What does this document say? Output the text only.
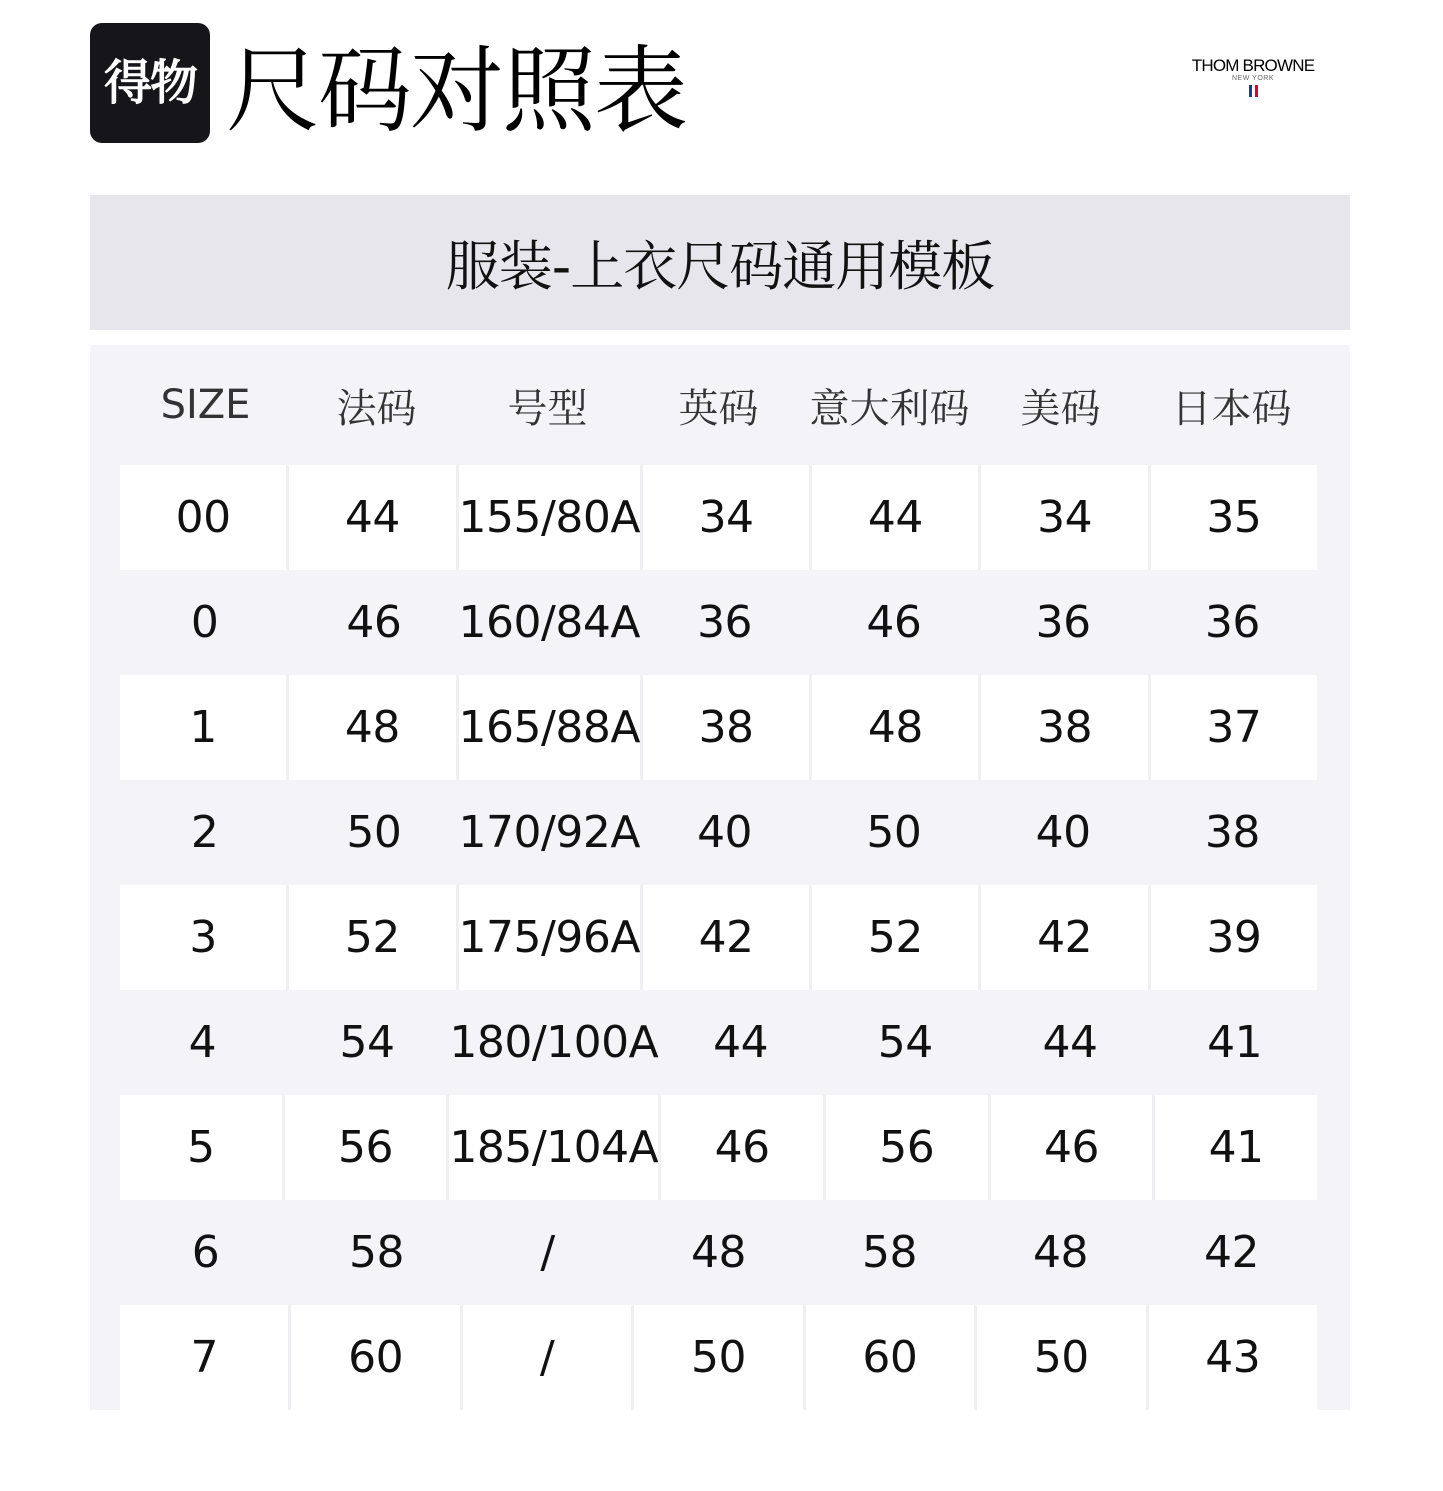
得物 尺码对照表	THOM BROWNE
NEW YORK
服装-上衣尺码通用模板
SIZE	法码	号型	英码	意大利码	美码	日本码
00	44	155/80A	34	44	34	35
0	46	160/84A	36	46	36	36
1	48	165/88A	38	48	38	37
2	50	170/92A	40	50	40	38
3	52	175/96A	42	52	42	39
4	54	180/100A	44	54	44	41
5	56	185/104A	46	56	46	41
6	58	/	48	58	48	42
7	60	/	50	60	50	43
